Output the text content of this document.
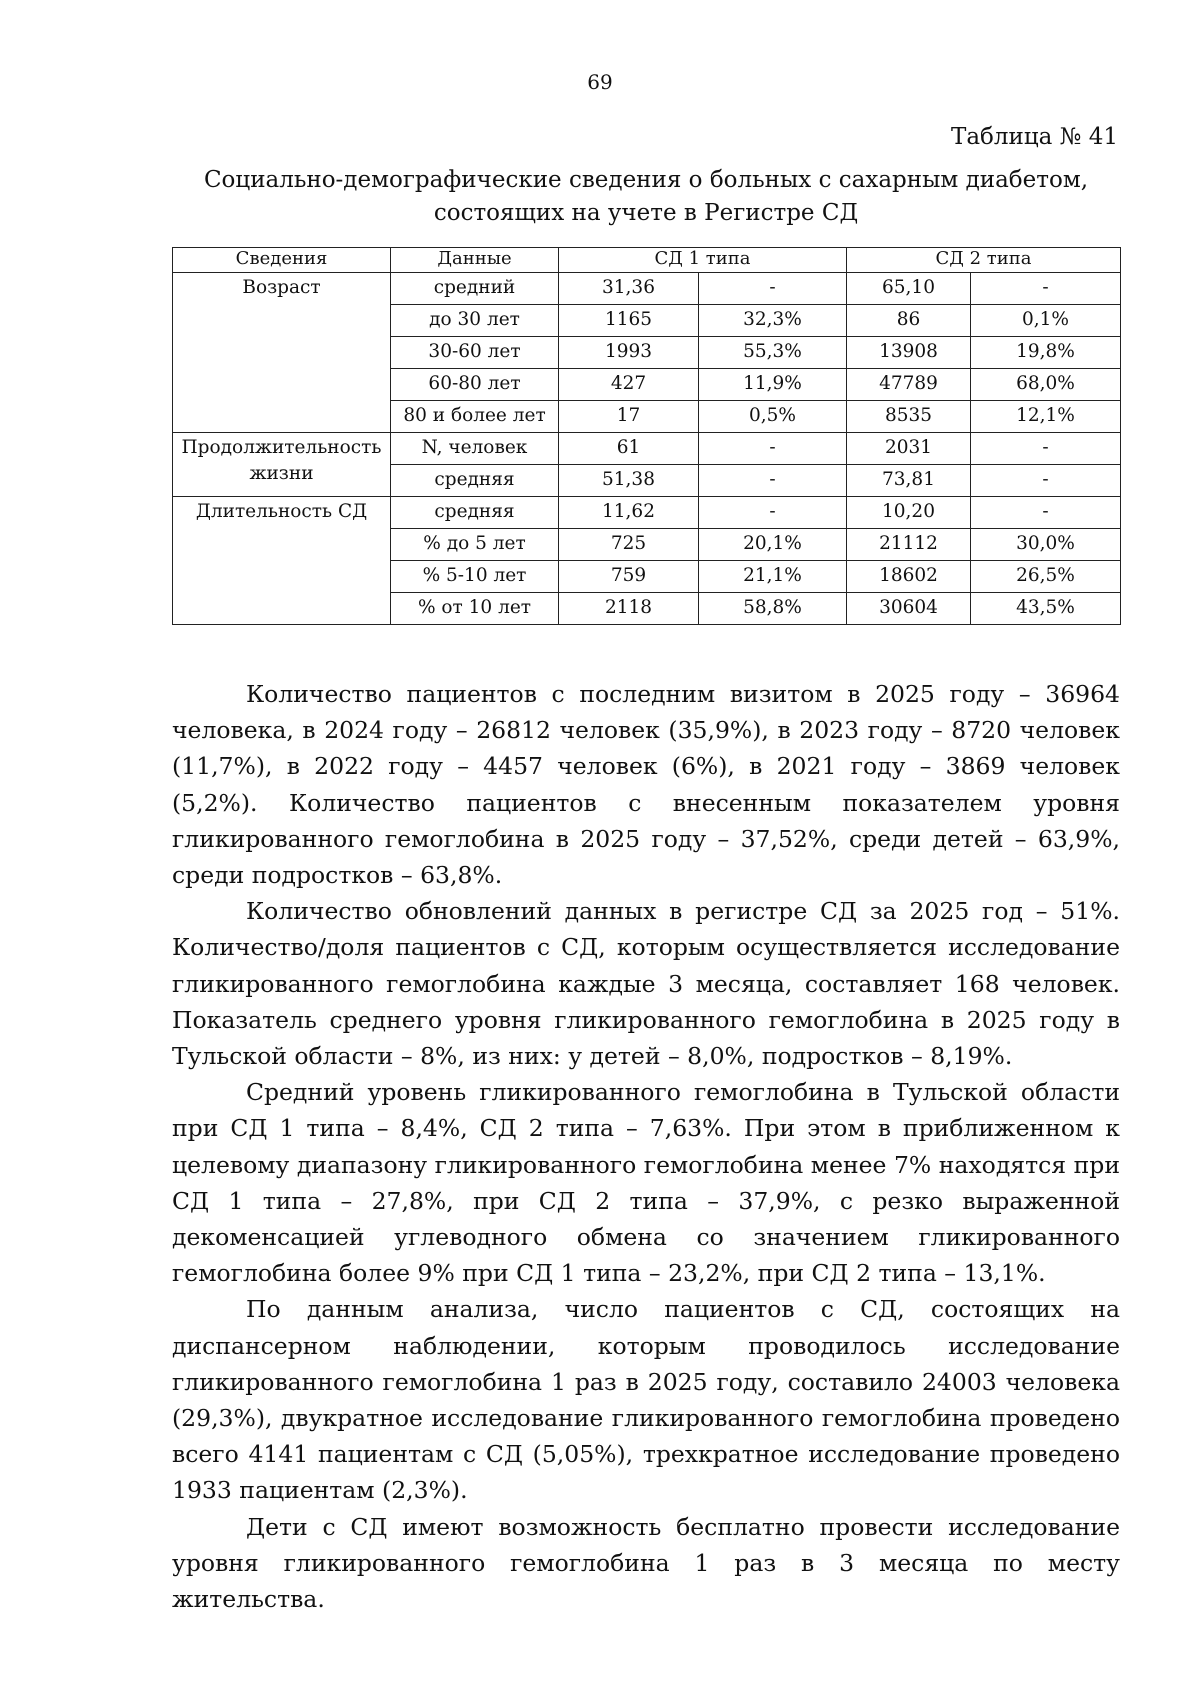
69
Таблица № 41
Социально-демографические сведения о больных с сахарным диабетом,
состоящих на учете в Регистре СД
Сведения	Данные	СД 1 типа		СД 2 типа	
Возраст	средний	31,36	-	65,10	-
	до 30 лет	1165	32,3%	86	0,1%
	30-60 лет	1993	55,3%	13908	19,8%
	60-80 лет	427	11,9%	47789	68,0%
	80 и более лет	17	0,5%	8535	12,1%
Продолжительность жизни	N, человек	61	-	2031	-
	средняя	51,38	-	73,81	-
Длительность СД	средняя	11,62	-	10,20	-
	% до 5 лет	725	20,1%	21112	30,0%
	% 5-10 лет	759	21,1%	18602	26,5%
	% от 10 лет	2118	58,8%	30604	43,5%

Количество пациентов с последним визитом в 2025 году – 36964 человека, в 2024 году – 26812 человек (35,9%), в 2023 году – 8720 человек (11,7%), в 2022 году – 4457 человек (6%), в 2021 году – 3869 человек (5,2%). Количество пациентов с внесенным показателем уровня гликированного гемоглобина в 2025 году – 37,52%, среди детей – 63,9%, среди подростков – 63,8%.

Количество обновлений данных в регистре СД за 2025 год – 51%. Количество/доля пациентов с СД, которым осуществляется исследование гликированного гемоглобина каждые 3 месяца, составляет 168 человек. Показатель среднего уровня гликированного гемоглобина в 2025 году в Тульской области – 8%, из них: у детей – 8,0%, подростков – 8,19%.

Средний уровень гликированного гемоглобина в Тульской области при СД 1 типа – 8,4%, СД 2 типа – 7,63%. При этом в приближенном к целевому диапазону гликированного гемоглобина менее 7% находятся при СД 1 типа – 27,8%, при СД 2 типа – 37,9%, с резко выраженной декоменсацией углеводного обмена со значением гликированного гемоглобина более 9% при СД 1 типа – 23,2%, при СД 2 типа – 13,1%.

По данным анализа, число пациентов с СД, состоящих на диспансерном наблюдении, которым проводилось исследование гликированного гемоглобина 1 раз в 2025 году, составило 24003 человека (29,3%), двукратное исследование гликированного гемоглобина проведено всего 4141 пациентам с СД (5,05%), трехкратное исследование проведено 1933 пациентам (2,3%).

Дети с СД имеют возможность бесплатно провести исследование уровня гликированного гемоглобина 1 раз в 3 месяца по месту жительства.
